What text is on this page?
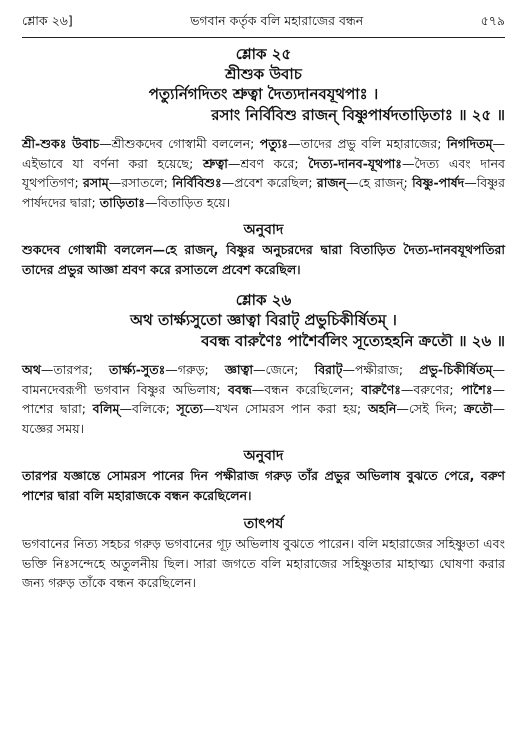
শ্লোক ২৬]	ভগবান কর্তৃক বলি মহারাজের বন্ধন	৫৭৯

শ্লোক ২৫

শ্রীশুক উবাচ

পত্যুর্নিগদিতং শ্রুত্বা দৈত্যদানবযূথপাঃ ।

রসাং নির্বিবিশু রাজন্‌ বিষ্ণুপার্ষদতাড়িতাঃ ॥ ২৫ ॥

শ্রী-শুকঃ উবাচ—শ্রীশুকদেব গোস্বামী বললেন; পত্যুঃ—তাদের প্রভু বলি মহারাজের; নিগদিতম্‌—এইভাবে যা বর্ণনা করা হয়েছে; শ্রুত্বা—শ্রবণ করে; দৈত্য-দানব-যূথপাঃ—দৈত্য এবং দানব যূথপতিগণ; রসাম্‌—রসাতলে; নির্বিবিশুঃ—প্রবেশ করেছিল; রাজন্‌—হে রাজন্‌; বিষ্ণু-পার্ষদ—বিষ্ণুর পার্ষদদের দ্বারা; তাড়িতাঃ—বিতাড়িত হয়ে।

অনুবাদ

শুকদেব গোস্বামী বললেন—হে রাজন্‌, বিষ্ণুর অনুচরদের দ্বারা বিতাড়িত দৈত্য-দানবযূথপতিরা তাদের প্রভুর আজ্ঞা শ্রবণ করে রসাতলে প্রবেশ করেছিল।

শ্লোক ২৬

অথ তার্ক্ষ্যসুতো জ্ঞাত্বা বিরাট্‌ প্রভুচিকীর্ষিতম্‌ ।

ববন্ধ বারুণৈঃ পাশৈর্বলিং সূত্যেহহনি ক্রতৌ ॥ ২৬ ॥

অথ—তারপর; তার্ক্ষ্য-সুতঃ—গরুড়; জ্ঞাত্বা—জেনে; বিরাট্‌—পক্ষীরাজ; প্রভু-চিকীর্ষিতম্‌—বামনদেবরূপী ভগবান বিষ্ণুর অভিলাষ; ববন্ধ—বন্ধন করেছিলেন; বারুণৈঃ—বরুণের; পাশৈঃ—পাশের দ্বারা; বলিম্‌—বলিকে; সূত্যে—যখন সোমরস পান করা হয়; অহনি—সেই দিন; ক্রতৌ—যজ্ঞের সময়।

অনুবাদ

তারপর যজ্ঞান্তে সোমরস পানের দিন পক্ষীরাজ গরুড় তাঁর প্রভুর অভিলাষ বুঝতে পেরে, বরুণ পাশের দ্বারা বলি মহারাজকে বন্ধন করেছিলেন।

তাৎপর্য

ভগবানের নিত্য সহচর গরুড় ভগবানের গূঢ় অভিলাষ বুঝতে পারেন। বলি মহারাজের সহিষ্ণুতা এবং ভক্তি নিঃসন্দেহে অতুলনীয় ছিল। সারা জগতে বলি মহারাজের সহিষ্ণুতার মাহাত্ম্য ঘোষণা করার জন্য গরুড় তাঁকে বন্ধন করেছিলেন।
